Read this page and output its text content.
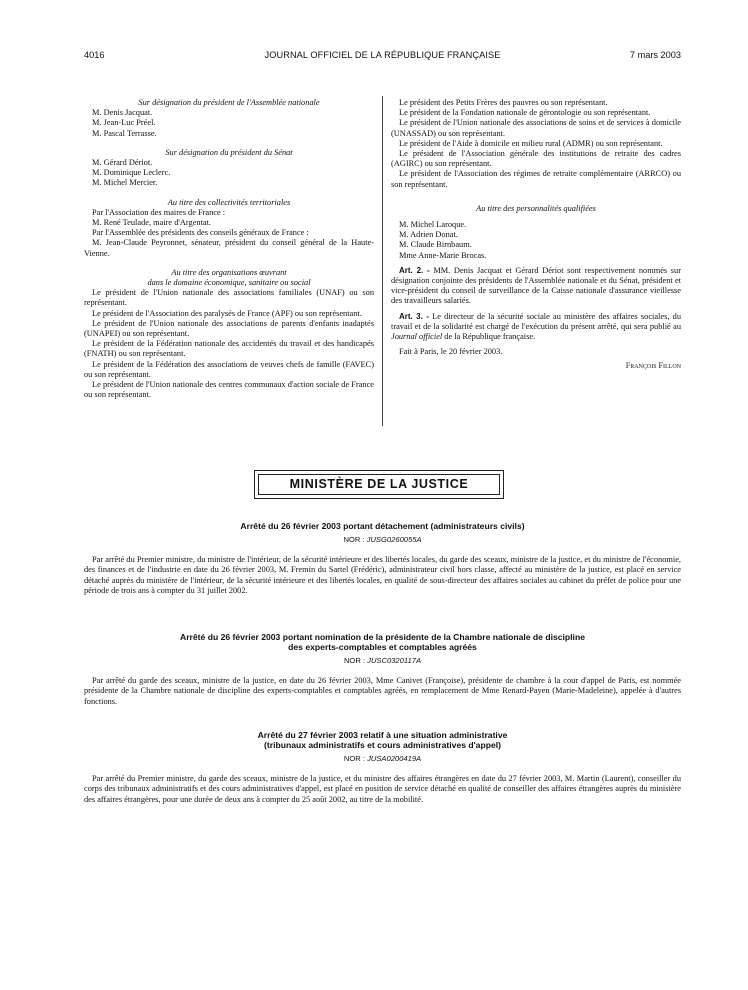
4016	JOURNAL OFFICIEL DE LA RÉPUBLIQUE FRANÇAISE	7 mars 2003

Sur désignation du président de l'Assemblée nationale

M. Denis Jacquat.

M. Jean-Luc Préel.

M. Pascal Terrasse.

Sur désignation du président du Sénat

M. Gérard Dériot.

M. Dominique Leclerc.

M. Michel Mercier.

Au titre des collectivités territoriales

Par l'Association des maires de France :

M. René Teulade, maire d'Argentat.

Par l'Assemblée des présidents des conseils généraux de France :

M. Jean-Claude Peyronnet, sénateur, président du conseil général de la Haute-Vienne.

Au titre des organisations œuvrant

dans le domaine économique, sanitaire ou social

Le président de l'Union nationale des associations familiales (UNAF) ou son représentant.

Le président de l'Association des paralysés de France (APF) ou son représentant.

Le président de l'Union nationale des associations de parents d'enfants inadaptés (UNAPEI) ou son représentant.

Le président de la Fédération nationale des accidentés du travail et des handicapés (FNATH) ou son représentant.

Le président de la Fédération des associations de veuves chefs de famille (FAVEC) ou son représentant.

Le président de l'Union nationale des centres communaux d'action sociale de France ou son représentant.

Le président des Petits Frères des pauvres ou son représentant.

Le président de la Fondation nationale de gérontologie ou son représentant.

Le président de l'Union nationale des associations de soins et de services à domicile (UNASSAD) ou son représentant.

Le président de l'Aide à domicile en milieu rural (ADMR) ou son représentant.

Le président de l'Association générale des institutions de retraite des cadres (AGIRC) ou son représentant.

Le président de l'Association des régimes de retraite complémentaire (ARRCO) ou son représentant.

Au titre des personnalités qualifiées

M. Michel Laroque.

M. Adrien Donat.

M. Claude Birnbaum.

Mme Anne-Marie Brocas.

Art. 2. - MM. Denis Jacquat et Gérard Dériot sont respectivement nommés sur désignation conjointe des présidents de l'Assemblée nationale et du Sénat, président et vice-président du conseil de surveillance de la Caisse nationale d'assurance vieillesse des travailleurs salariés.

Art. 3. - Le directeur de la sécurité sociale au ministère des affaires sociales, du travail et de la solidarité est chargé de l'exécution du présent arrêté, qui sera publié au Journal officiel de la République française.

Fait à Paris, le 20 février 2003.

François Fillon

MINISTÈRE DE LA JUSTICE

Arrêté du 26 février 2003 portant détachement (administrateurs civils)

NOR : JUSG0260055A

Par arrêté du Premier ministre, du ministre de l'intérieur, de la sécurité intérieure et des libertés locales, du garde des sceaux, ministre de la justice, et du ministre de l'économie, des finances et de l'industrie en date du 26 février 2003, M. Fremin du Sartel (Frédéric), administrateur civil hors classe, affecté au ministère de la justice, est placé en service détaché auprès du ministère de l'intérieur, de la sécurité intérieure et des libertés locales, en qualité de sous-directeur des affaires sociales au cabinet du préfet de police pour une période de trois ans à compter du 31 juillet 2002.

Arrêté du 26 février 2003 portant nomination de la présidente de la Chambre nationale de discipline

des experts-comptables et comptables agréés

NOR : JUSC0320117A

Par arrêté du garde des sceaux, ministre de la justice, en date du 26 février 2003, Mme Canivet (Françoise), présidente de chambre à la cour d'appel de Paris, est nommée présidente de la Chambre nationale de discipline des experts-comptables et comptables agréés, en remplacement de Mme Renard-Payen (Marie-Madeleine), appelée à d'autres fonctions.

Arrêté du 27 février 2003 relatif à une situation administrative

(tribunaux administratifs et cours administratives d'appel)

NOR : JUSA0200419A

Par arrêté du Premier ministre, du garde des sceaux, ministre de la justice, et du ministre des affaires étrangères en date du 27 février 2003, M. Martin (Laurent), conseiller du corps des tribunaux administratifs et des cours administratives d'appel, est placé en position de service détaché en qualité de conseiller des affaires étrangères auprès du ministère des affaires étrangères, pour une durée de deux ans à compter du 25 août 2002, au titre de la mobilité.
